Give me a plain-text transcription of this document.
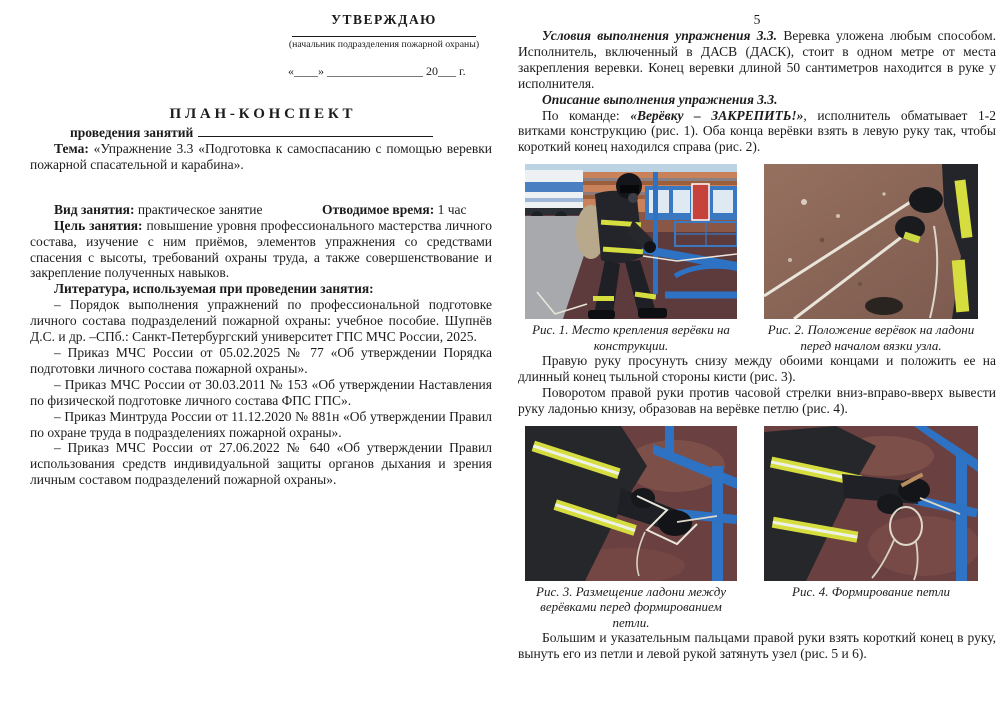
УТВЕРЖДАЮ
(начальник подразделения пожарной охраны)
«____» ________________ 20___ г.
П Л А Н - К О Н С П Е К Т
проведения занятий

Тема: «Упражнение 3.3 «Подготовка к самоспасанию с помощью веревки пожарной спасательной и карабина».

Вид занятия: практическое занятие	Отводимое время: 1 час

Цель занятия: повышение уровня профессионального мастерства личного состава, изучение с ним приёмов, элементов упражнения со средствами спасения с высоты, требований охраны труда, а также совершенствование и закрепление полученных навыков.

Литература, используемая при проведении занятия:

– Порядок выполнения упражнений по профессиональной подготовке личного состава подразделений пожарной охраны: учебное пособие. Шупнёв Д.С. и др. –СПб.: Санкт-Петербургский университет ГПС МЧС России, 2025.

– Приказ МЧС России от 05.02.2025 № 77 «Об утверждении Порядка подготовки личного состава пожарной охраны».

– Приказ МЧС России от 30.03.2011 № 153 «Об утверждении Наставления по физической подготовке личного состава ФПС ГПС».

– Приказ Минтруда России от 11.12.2020 № 881н «Об утверждении Правил по охране труда в подразделениях пожарной охраны».

– Приказ МЧС России от 27.06.2022 № 640 «Об утверждении Правил использования средств индивидуальной защиты органов дыхания и зрения личным составом подразделений пожарной охраны».

5

Условия выполнения упражнения 3.3. Веревка уложена любым способом. Исполнитель, включенный в ДАСВ (ДАСК), стоит в одном метре от места закрепления веревки. Конец веревки длиной 50 сантиметров находится в руке у исполнителя.

Описание выполнения упражнения 3.3.

По команде: «Верёвку – ЗАКРЕПИТЬ!», исполнитель обматывает 1-2 витками конструкцию (рис. 1). Оба конца верёвки взять в левую руку так, чтобы короткий конец находился справа (рис. 2).

Рис. 1. Место крепления верёвки на конструкции.
Рис. 2. Положение верёвок на ладони перед началом вязки узла.

Правую руку просунуть снизу между обоими концами и положить ее на длинный конец тыльной стороны кисти (рис. 3).

Поворотом правой руки против часовой стрелки вниз-вправо-вверх вывести руку ладонью книзу, образовав на верёвке петлю (рис. 4).

Рис. 3. Размещение ладони между верёвками перед формированием петли.
Рис. 4. Формирование петли

Большим и указательным пальцами правой руки взять короткий конец в руку, вынуть его из петли и левой рукой затянуть узел (рис. 5 и 6).
